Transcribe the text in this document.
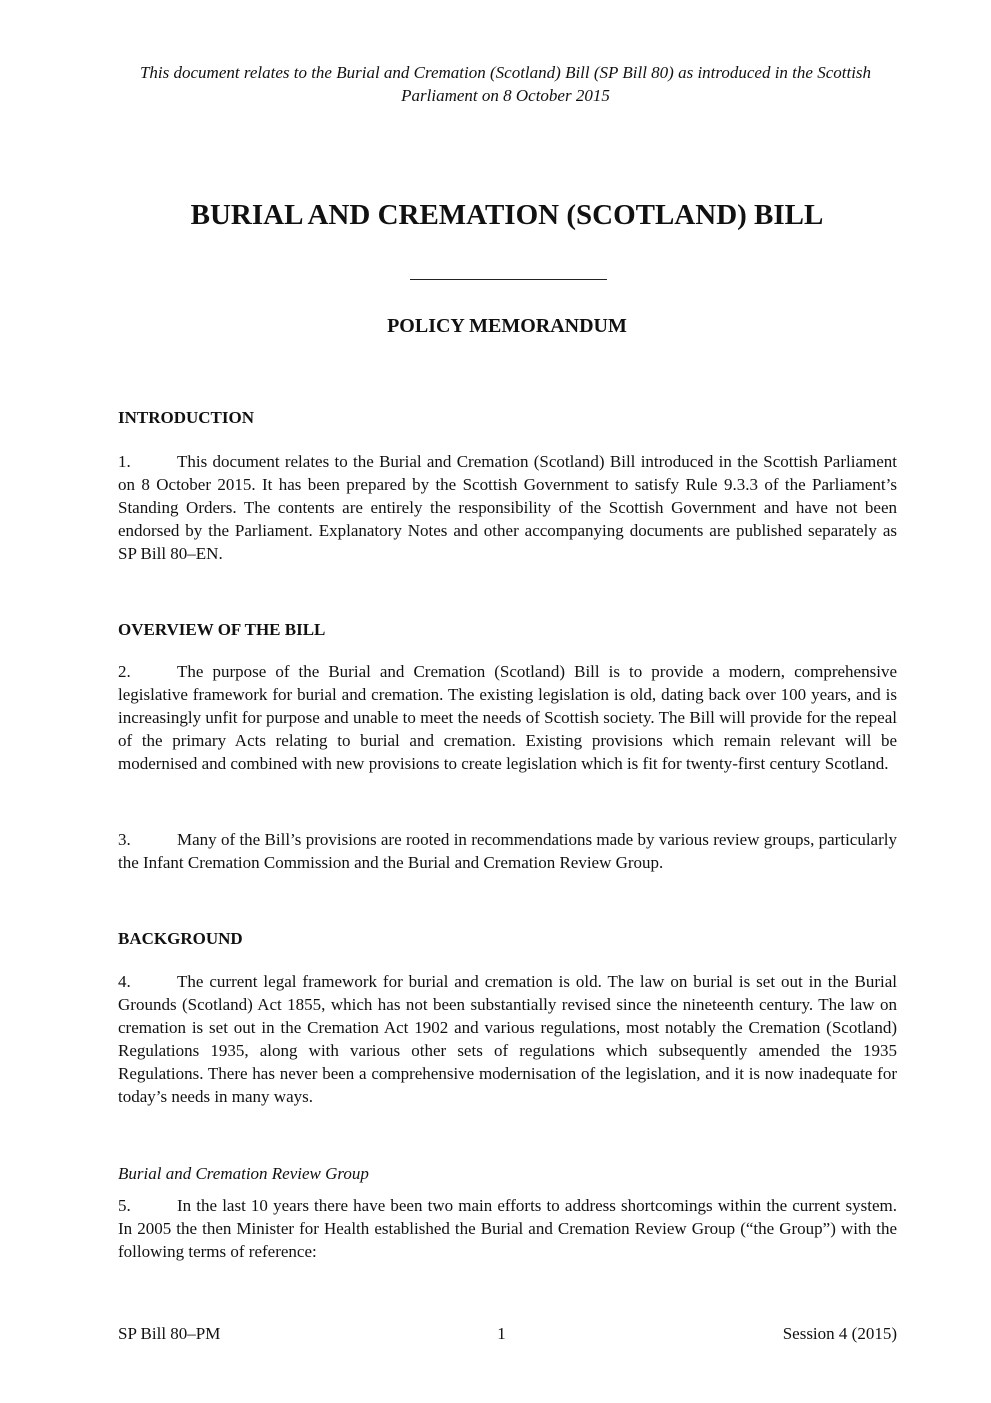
This document relates to the Burial and Cremation (Scotland) Bill (SP Bill 80) as introduced in the Scottish Parliament on 8 October 2015
BURIAL AND CREMATION (SCOTLAND) BILL
POLICY MEMORANDUM

INTRODUCTION

1.	This document relates to the Burial and Cremation (Scotland) Bill introduced in the Scottish Parliament on 8 October 2015. It has been prepared by the Scottish Government to satisfy Rule 9.3.3 of the Parliament’s Standing Orders. The contents are entirely the responsibility of the Scottish Government and have not been endorsed by the Parliament. Explanatory Notes and other accompanying documents are published separately as SP Bill 80–EN.

OVERVIEW OF THE BILL

2.	The purpose of the Burial and Cremation (Scotland) Bill is to provide a modern, comprehensive legislative framework for burial and cremation. The existing legislation is old, dating back over 100 years, and is increasingly unfit for purpose and unable to meet the needs of Scottish society. The Bill will provide for the repeal of the primary Acts relating to burial and cremation. Existing provisions which remain relevant will be modernised and combined with new provisions to create legislation which is fit for twenty-first century Scotland.

3.	Many of the Bill’s provisions are rooted in recommendations made by various review groups, particularly the Infant Cremation Commission and the Burial and Cremation Review Group.

BACKGROUND

4.	The current legal framework for burial and cremation is old. The law on burial is set out in the Burial Grounds (Scotland) Act 1855, which has not been substantially revised since the nineteenth century. The law on cremation is set out in the Cremation Act 1902 and various regulations, most notably the Cremation (Scotland) Regulations 1935, along with various other sets of regulations which subsequently amended the 1935 Regulations. There has never been a comprehensive modernisation of the legislation, and it is now inadequate for today’s needs in many ways.

Burial and Cremation Review Group

5.	In the last 10 years there have been two main efforts to address shortcomings within the current system. In 2005 the then Minister for Health established the Burial and Cremation Review Group (“the Group”) with the following terms of reference:

SP Bill 80–PM	1	Session 4 (2015)
